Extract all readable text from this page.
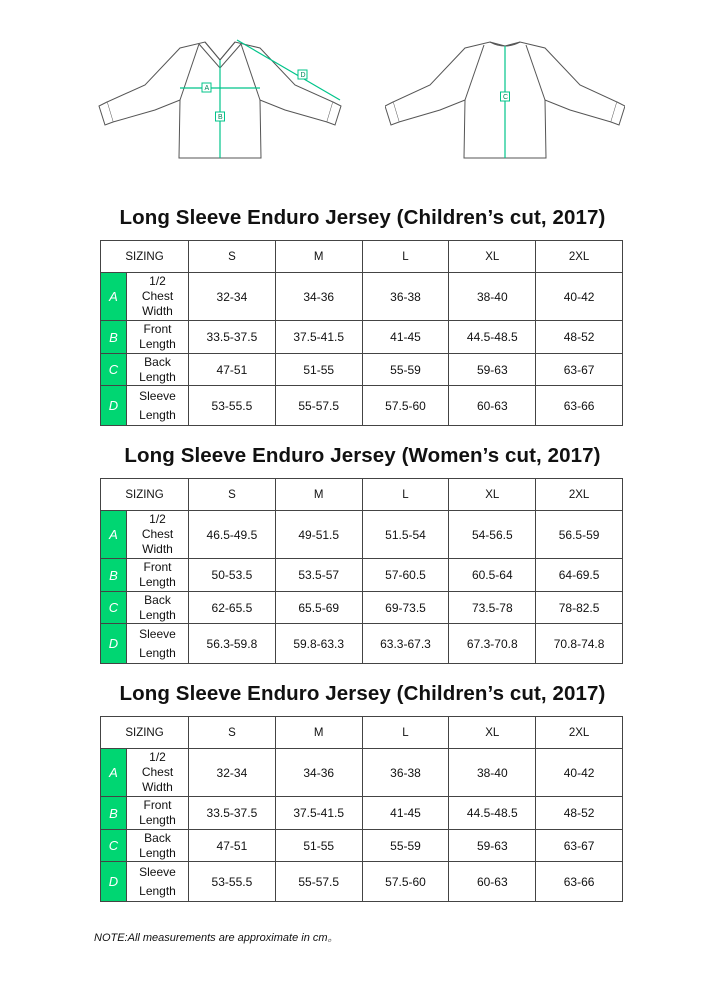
A
B
D
C
Long Sleeve Enduro Jersey (Children’s cut, 2017)
SIZING		S	M	L	XL	2XL
A	1/2
Chest
Width	32-34	34-36	36-38	38-40	40-42
B	Front
Length	33.5-37.5	37.5-41.5	41-45	44.5-48.5	48-52
C	Back
Length	47-51	51-55	55-59	59-63	63-67
D	Sleeve
Length	53-55.5	55-57.5	57.5-60	60-63	63-66
Long Sleeve Enduro Jersey (Women’s cut, 2017)
SIZING		S	M	L	XL	2XL
A	1/2
Chest
Width	46.5-49.5	49-51.5	51.5-54	54-56.5	56.5-59
B	Front
Length	50-53.5	53.5-57	57-60.5	60.5-64	64-69.5
C	Back
Length	62-65.5	65.5-69	69-73.5	73.5-78	78-82.5
D	Sleeve
Length	56.3-59.8	59.8-63.3	63.3-67.3	67.3-70.8	70.8-74.8
Long Sleeve Enduro Jersey (Children’s cut, 2017)
SIZING		S	M	L	XL	2XL
A	1/2
Chest
Width	32-34	34-36	36-38	38-40	40-42
B	Front
Length	33.5-37.5	37.5-41.5	41-45	44.5-48.5	48-52
C	Back
Length	47-51	51-55	55-59	59-63	63-67
D	Sleeve
Length	53-55.5	55-57.5	57.5-60	60-63	63-66
NOTE:All measurements are approximate in cm。
